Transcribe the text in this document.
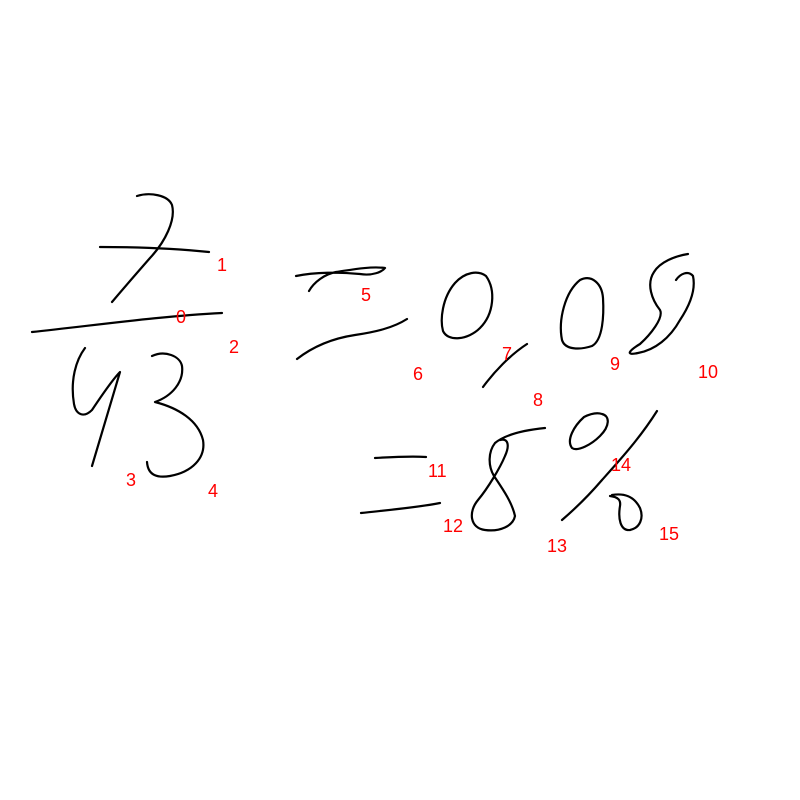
0
1
2
3
4
5
6
7
8
9	10
11
12
13
14
15
